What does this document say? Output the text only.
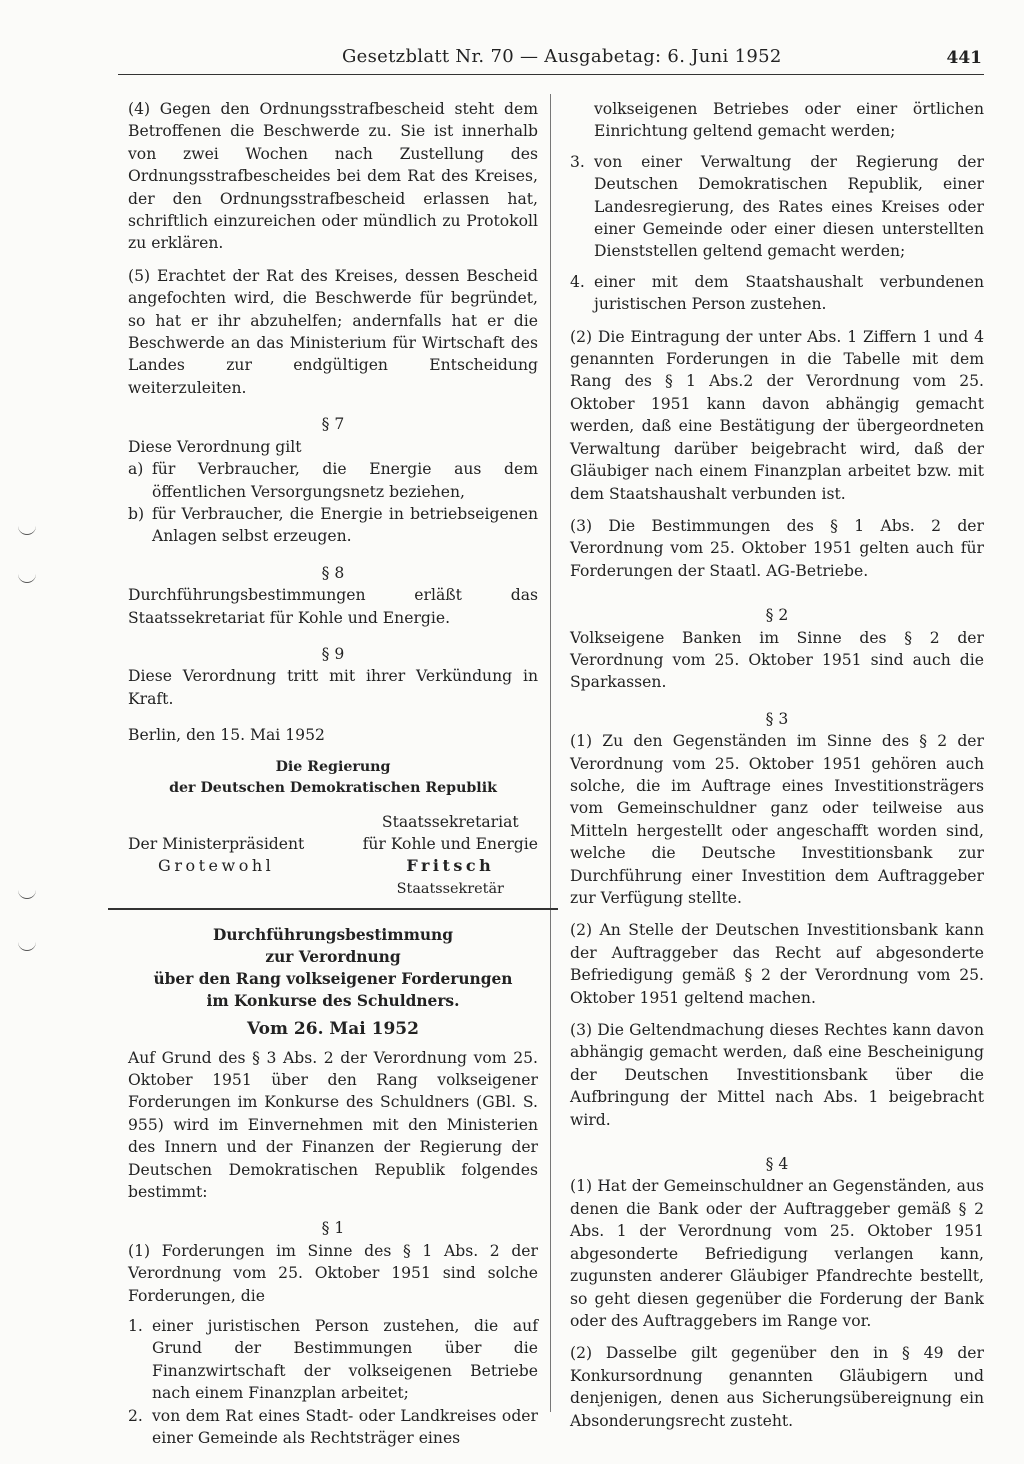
Gesetzblatt Nr. 70 — Ausgabetag: 6. Juni 1952	441

(4) Gegen den Ordnungsstrafbescheid steht dem Betroffenen die Beschwerde zu. Sie ist innerhalb von zwei Wochen nach Zustellung des Ordnungsstrafbescheides bei dem Rat des Kreises, der den Ordnungsstrafbescheid erlassen hat, schriftlich einzureichen oder mündlich zu Protokoll zu erklären.

(5) Erachtet der Rat des Kreises, dessen Bescheid angefochten wird, die Beschwerde für begründet, so hat er ihr abzuhelfen; andernfalls hat er die Beschwerde an das Ministerium für Wirtschaft des Landes zur endgültigen Entscheidung weiterzuleiten.

§ 7

Diese Verordnung gilt

a) für Verbraucher, die Energie aus dem öffentlichen Versorgungsnetz beziehen,
b) für Verbraucher, die Energie in betriebseigenen Anlagen selbst erzeugen.

§ 8

Durchführungsbestimmungen erläßt das Staatssekretariat für Kohle und Energie.

§ 9

Diese Verordnung tritt mit ihrer Verkündung in Kraft.

Berlin, den 15. Mai 1952

Die Regierung

der Deutschen Demokratischen Republik

Der Ministerpräsident

Grotewohl

Staatssekretariat

für Kohle und Energie

Fritsch

Staatssekretär

Durchführungsbestimmung

zur Verordnung

über den Rang volkseigener Forderungen

im Konkurse des Schuldners.

Vom 26. Mai 1952

Auf Grund des § 3 Abs. 2 der Verordnung vom 25. Oktober 1951 über den Rang volkseigener Forderungen im Konkurse des Schuldners (GBl. S. 955) wird im Einvernehmen mit den Ministerien des Innern und der Finanzen der Regierung der Deutschen Demokratischen Republik folgendes bestimmt:

§ 1

(1) Forderungen im Sinne des § 1 Abs. 2 der Verordnung vom 25. Oktober 1951 sind solche Forderungen, die

1. einer juristischen Person zustehen, die auf Grund der Bestimmungen über die Finanzwirtschaft der volkseigenen Betriebe nach einem Finanzplan arbeitet;
2. von dem Rat eines Stadt- oder Landkreises oder einer Gemeinde als Rechtsträger eines
volkseigenen Betriebes oder einer örtlichen Einrichtung geltend gemacht werden;
3. von einer Verwaltung der Regierung der Deutschen Demokratischen Republik, einer Landesregierung, des Rates eines Kreises oder einer Gemeinde oder einer diesen unterstellten Dienststellen geltend gemacht werden;
4. einer mit dem Staatshaushalt verbundenen juristischen Person zustehen.

(2) Die Eintragung der unter Abs. 1 Ziffern 1 und 4 genannten Forderungen in die Tabelle mit dem Rang des § 1 Abs.2 der Verordnung vom 25. Oktober 1951 kann davon abhängig gemacht werden, daß eine Bestätigung der übergeordneten Verwaltung darüber beigebracht wird, daß der Gläubiger nach einem Finanzplan arbeitet bzw. mit dem Staatshaushalt verbunden ist.

(3) Die Bestimmungen des § 1 Abs. 2 der Verordnung vom 25. Oktober 1951 gelten auch für Forderungen der Staatl. AG-Betriebe.

§ 2

Volkseigene Banken im Sinne des § 2 der Verordnung vom 25. Oktober 1951 sind auch die Sparkassen.

§ 3

(1) Zu den Gegenständen im Sinne des § 2 der Verordnung vom 25. Oktober 1951 gehören auch solche, die im Auftrage eines Investitionsträgers vom Gemeinschuldner ganz oder teilweise aus Mitteln hergestellt oder angeschafft worden sind, welche die Deutsche Investitionsbank zur Durchführung einer Investition dem Auftraggeber zur Verfügung stellte.

(2) An Stelle der Deutschen Investitionsbank kann der Auftraggeber das Recht auf abgesonderte Befriedigung gemäß § 2 der Verordnung vom 25. Oktober 1951 geltend machen.

(3) Die Geltendmachung dieses Rechtes kann davon abhängig gemacht werden, daß eine Bescheinigung der Deutschen Investitionsbank über die Aufbringung der Mittel nach Abs. 1 beigebracht wird.

§ 4

(1) Hat der Gemeinschuldner an Gegenständen, aus denen die Bank oder der Auftraggeber gemäß § 2 Abs. 1 der Verordnung vom 25. Oktober 1951 abgesonderte Befriedigung verlangen kann, zugunsten anderer Gläubiger Pfandrechte bestellt, so geht diesen gegenüber die Forderung der Bank oder des Auftraggebers im Range vor.

(2) Dasselbe gilt gegenüber den in § 49 der Konkursordnung genannten Gläubigern und denjenigen, denen aus Sicherungsübereignung ein Absonderungsrecht zusteht.
